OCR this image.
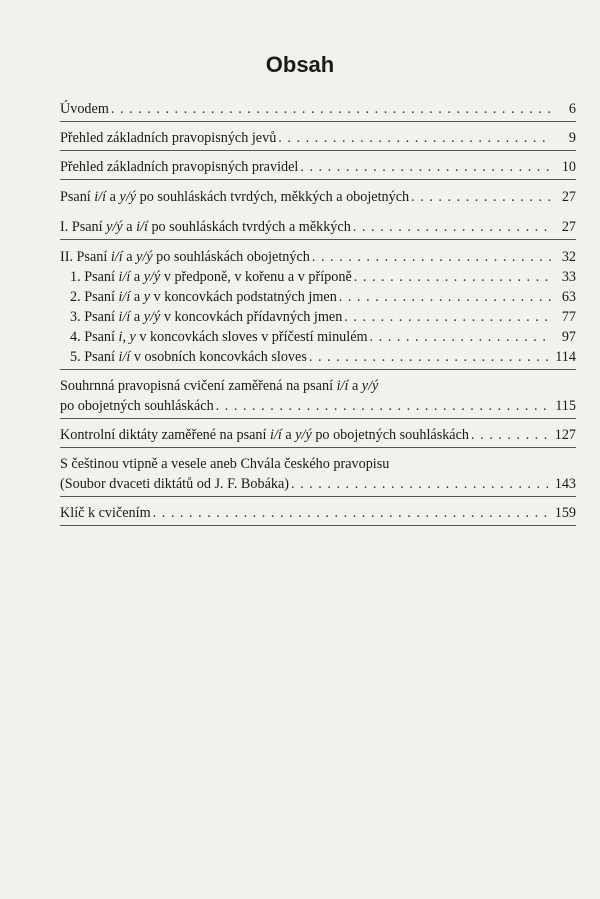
Obsah
Úvodem . . .	6
Přehled základních pravopisných jevů . . .	9
Přehled základních pravopisných pravidel . . .	10
Psaní i/í a y/ý po souhláskách tvrdých, měkkých a obojetných . . .	27
I. Psaní y/ý a i/í po souhláskách tvrdých a měkkých . . .	27
II. Psaní i/í a y/ý po souhláskách obojetných . . .	32
1. Psaní i/í a y/ý v předponě, v kořenu a v příponě . . .	33
2. Psaní i/í a y v koncovkách podstatných jmen . . .	63
3. Psaní i/í a y/ý v koncovkách přídavných jmen . . .	77
4. Psaní i, y v koncovkách sloves v příčestí minulém . . .	97
5. Psaní i/í v osobních koncovkách sloves . . .	114
Souhrnná pravopisná cvičení zaměřená na psaní i/í a y/ý
po obojetných souhláskách . . .	115
Kontrolní diktáty zaměřené na psaní i/í a y/ý po obojetných souhláskách . . .	127
S češtinou vtipně a vesele aneb Chvála českého pravopisu
(Soubor dvaceti diktátů od J. F. Bobáka) . . .	143
Klíč k cvičením . . .	159
